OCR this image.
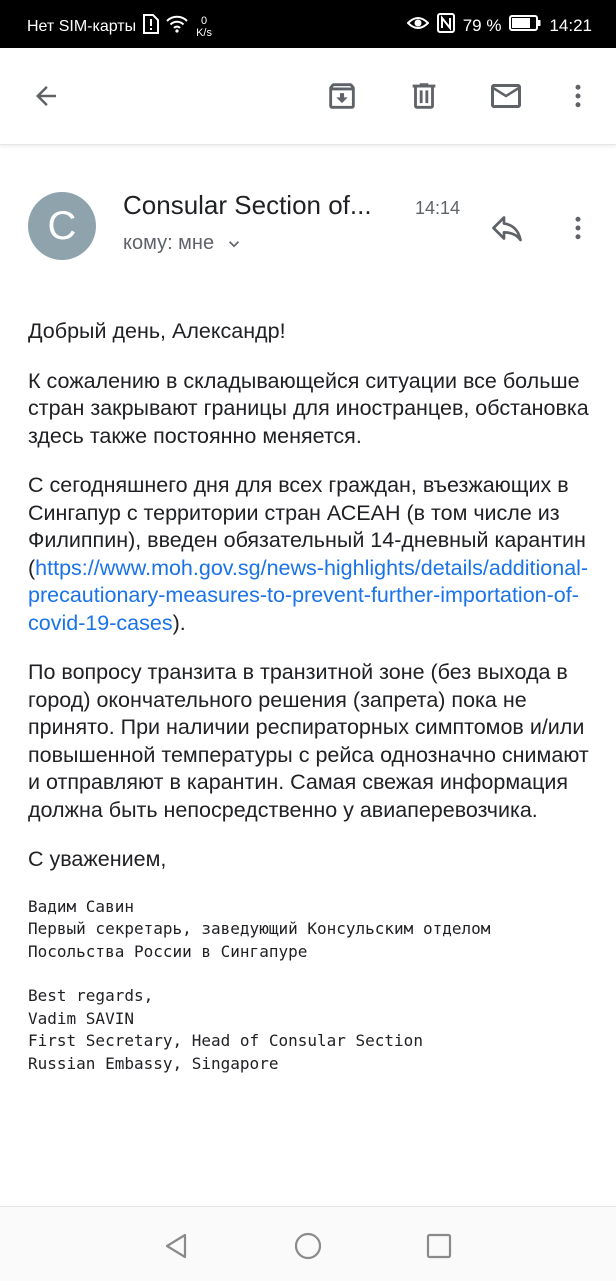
Нет SIM-карты	0
K/s	79 %	14:21
C Consular Section of... 14:14
кому: мне

Добрый день, Александр!

К сожалению в складывающейся ситуации все больше стран закрывают границы для иностранцев, обстановка здесь также постоянно меняется.

С сегодняшнего дня для всех граждан, въезжающих в Сингапур с территории стран АСЕАН (в том числе из Филиппин), введен обязательный 14-дневный карантин (https://www.moh.gov.sg/news-highlights/details/additional-precautionary-measures-to-prevent-further-importation-of-covid-19-cases).

По вопросу транзита в транзитной зоне (без выхода в город) окончательного решения (запрета) пока не принято. При наличии респираторных симптомов и/или повышенной температуры с рейса однозначно снимают и отправляют в карантин. Самая свежая информация должна быть непосредственно у авиаперевозчика.

С уважением,

Вадим Савин
Первый секретарь, заведующий Консульским отделом
Посольства России в Сингапуре
Best regards,
Vadim SAVIN
First Secretary, Head of Consular Section
Russian Embassy, Singapore
